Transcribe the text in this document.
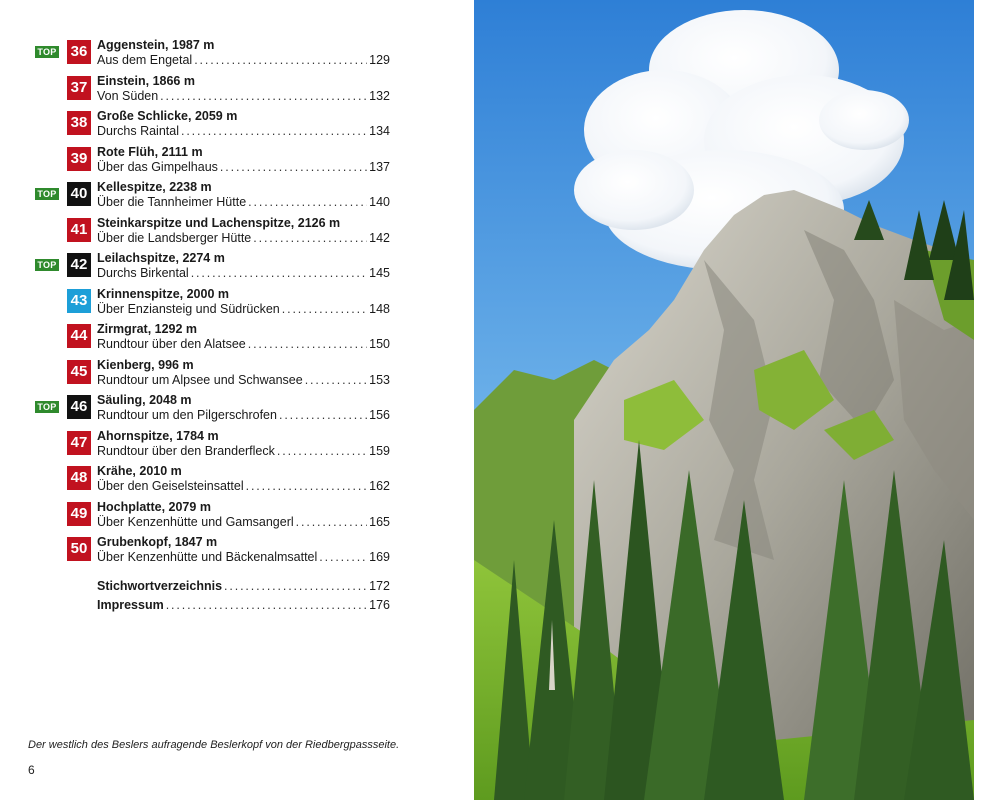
TOP 36 Aggenstein, 1987 m
Aus dem Engetal . . .	129
37 Einstein, 1866 m
Von Süden . . .	132
38 Große Schlicke, 2059 m
Durchs Raintal . . .	134
39 Rote Flüh, 2111 m
Über das Gimpelhaus . . .	137
TOP 40 Kellespitze, 2238 m
Über die Tannheimer Hütte . . .	140
41 Steinkarspitze und Lachenspitze, 2126 m
Über die Landsberger Hütte . . .	142
TOP 42 Leilachspitze, 2274 m
Durchs Birkental . . .	145
43 Krinnenspitze, 2000 m
Über Enziansteig und Südrücken . . .	148
44 Zirmgrat, 1292 m
Rundtour über den Alatsee . . .	150
45 Kienberg, 996 m
Rundtour um Alpsee und Schwansee . . .	153
TOP 46 Säuling, 2048 m
Rundtour um den Pilgerschrofen . . .	156
47 Ahornspitze, 1784 m
Rundtour über den Branderfleck . . .	159
48 Krähe, 2010 m
Über den Geiselsteinsattel . . .	162
49 Hochplatte, 2079 m
Über Kenzenhütte und Gamsangerl . . .	165
50 Grubenkopf, 1847 m
Über Kenzenhütte und Bäckenalmsattel . . .	169
Stichwortverzeichnis . . .	172
Impressum . . .	176
Der westlich des Beslers aufragende Beslerkopf von der Riedbergpassseite.
6
